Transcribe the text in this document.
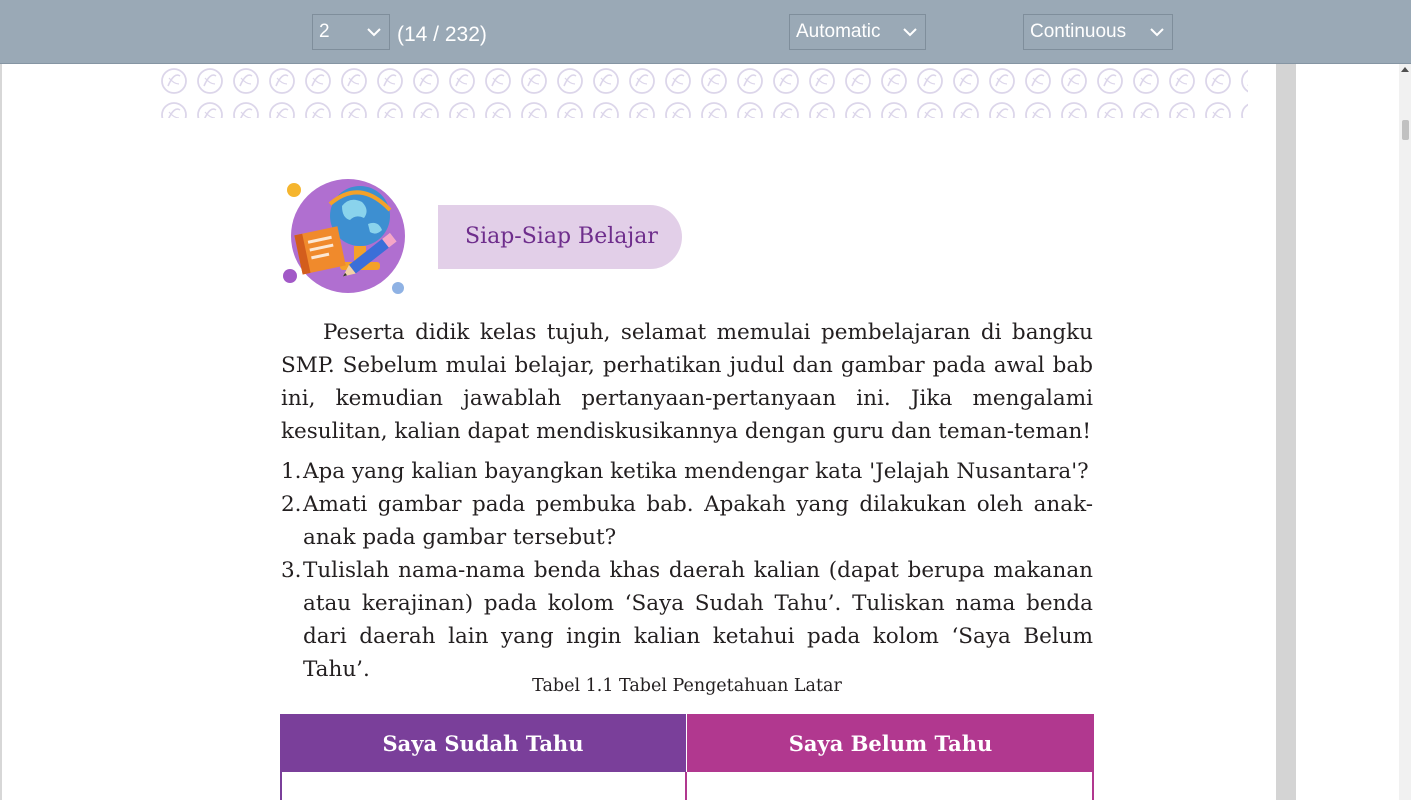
2	(14 / 232)	Automatic	Continuous
Siap-Siap Belajar

Peserta didik kelas tujuh, selamat memulai pembelajaran di bangku SMP. Sebelum mulai belajar, perhatikan judul dan gambar pada awal bab ini, kemudian jawablah pertanyaan-pertanyaan ini. Jika mengalami kesulitan, kalian dapat mendiskusikannya dengan guru dan teman-teman!

1. Apa yang kalian bayangkan ketika mendengar kata 'Jelajah Nusantara'?

2. Amati gambar pada pembuka bab. Apakah yang dilakukan oleh anak-anak pada gambar tersebut?

3. Tulislah nama-nama benda khas daerah kalian (dapat berupa makanan atau kerajinan) pada kolom ‘Saya Sudah Tahu’. Tuliskan nama benda dari daerah lain yang ingin kalian ketahui pada kolom ‘Saya Belum Tahu’.

Tabel 1.1 Tabel Pengetahuan Latar
Saya Sudah Tahu	Saya Belum Tahu
